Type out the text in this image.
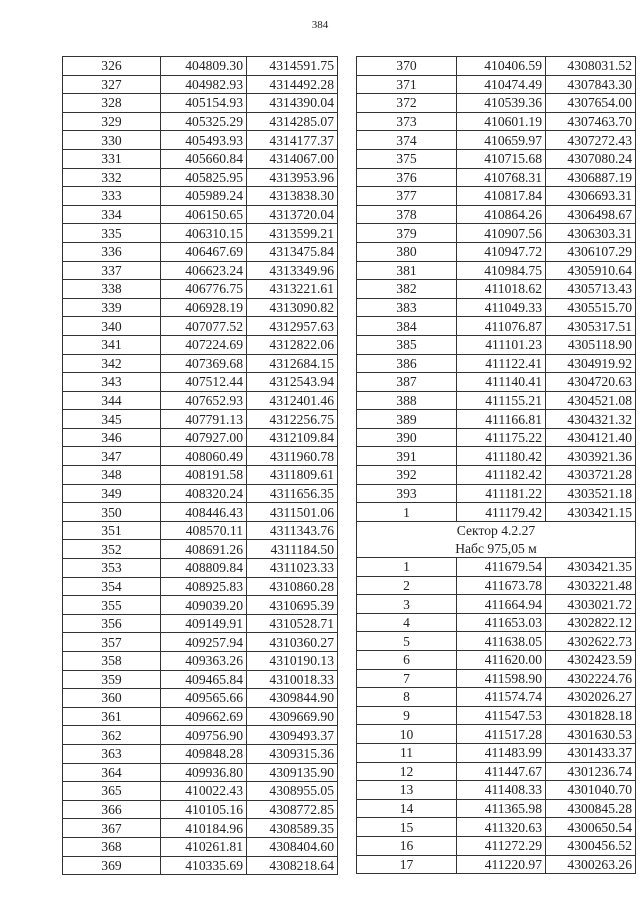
384
326	404809.30	4314591.75
327	404982.93	4314492.28
328	405154.93	4314390.04
329	405325.29	4314285.07
330	405493.93	4314177.37
331	405660.84	4314067.00
332	405825.95	4313953.96
333	405989.24	4313838.30
334	406150.65	4313720.04
335	406310.15	4313599.21
336	406467.69	4313475.84
337	406623.24	4313349.96
338	406776.75	4313221.61
339	406928.19	4313090.82
340	407077.52	4312957.63
341	407224.69	4312822.06
342	407369.68	4312684.15
343	407512.44	4312543.94
344	407652.93	4312401.46
345	407791.13	4312256.75
346	407927.00	4312109.84
347	408060.49	4311960.78
348	408191.58	4311809.61
349	408320.24	4311656.35
350	408446.43	4311501.06
351	408570.11	4311343.76
352	408691.26	4311184.50
353	408809.84	4311023.33
354	408925.83	4310860.28
355	409039.20	4310695.39
356	409149.91	4310528.71
357	409257.94	4310360.27
358	409363.26	4310190.13
359	409465.84	4310018.33
360	409565.66	4309844.90
361	409662.69	4309669.90
362	409756.90	4309493.37
363	409848.28	4309315.36
364	409936.80	4309135.90
365	410022.43	4308955.05
366	410105.16	4308772.85
367	410184.96	4308589.35
368	410261.81	4308404.60
369	410335.69	4308218.64
370	410406.59	4308031.52
371	410474.49	4307843.30
372	410539.36	4307654.00
373	410601.19	4307463.70
374	410659.97	4307272.43
375	410715.68	4307080.24
376	410768.31	4306887.19
377	410817.84	4306693.31
378	410864.26	4306498.67
379	410907.56	4306303.31
380	410947.72	4306107.29
381	410984.75	4305910.64
382	411018.62	4305713.43
383	411049.33	4305515.70
384	411076.87	4305317.51
385	411101.23	4305118.90
386	411122.41	4304919.92
387	411140.41	4304720.63
388	411155.21	4304521.08
389	411166.81	4304321.32
390	411175.22	4304121.40
391	411180.42	4303921.36
392	411182.42	4303721.28
393	411181.22	4303521.18
1	411179.42	4303421.15
Сектор 4.2.27		
Набс 975,05 м		
1	411679.54	4303421.35
2	411673.78	4303221.48
3	411664.94	4303021.72
4	411653.03	4302822.12
5	411638.05	4302622.73
6	411620.00	4302423.59
7	411598.90	4302224.76
8	411574.74	4302026.27
9	411547.53	4301828.18
10	411517.28	4301630.53
11	411483.99	4301433.37
12	411447.67	4301236.74
13	411408.33	4301040.70
14	411365.98	4300845.28
15	411320.63	4300650.54
16	411272.29	4300456.52
17	411220.97	4300263.26
